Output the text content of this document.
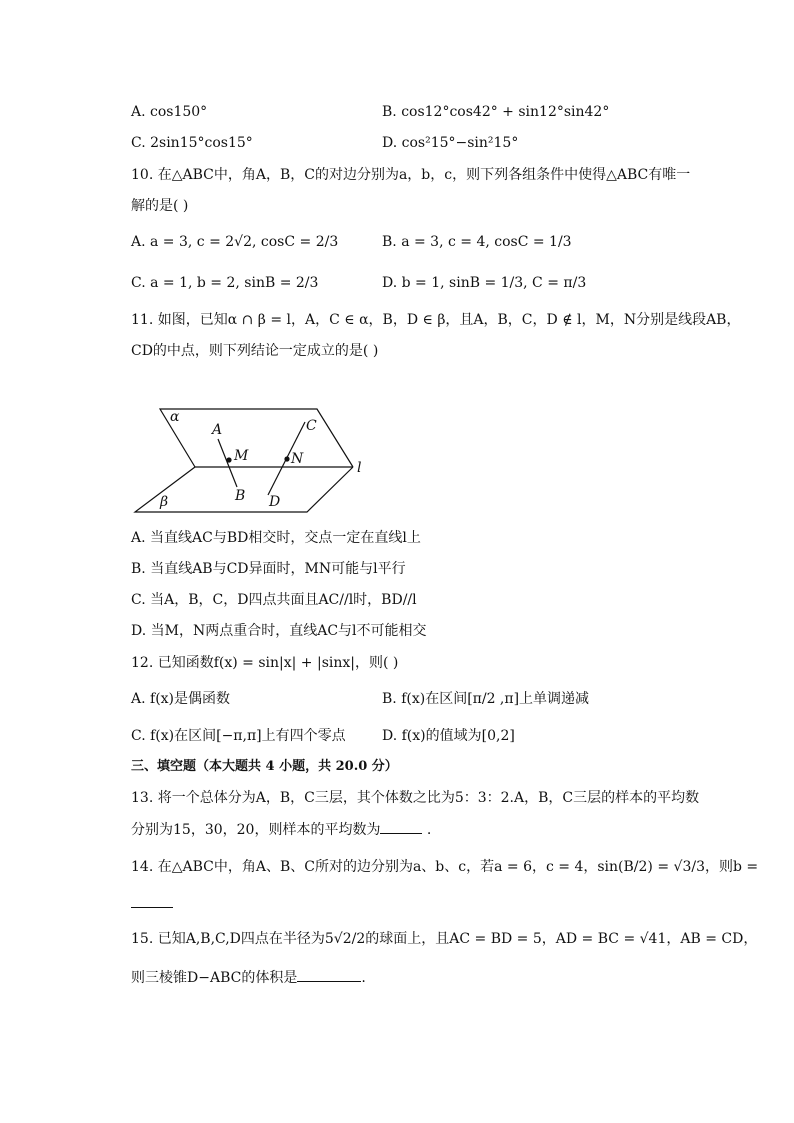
A. cos150°	B. cos12°cos42° + sin12°sin42°
C. 2sin15°cos15°	D. cos²15°−sin²15°
10. 在△ABC中，角A，B，C的对边分别为a，b，c，则下列各组条件中使得△ABC有唯一
解的是( )
A. a = 3, c = 2√2, cosC = 2/3	B. a = 3, c = 4, cosC = 1/3
C. a = 1, b = 2, sinB = 2/3	D. b = 1, sinB = 1/3, C = π/3
11. 如图，已知α ∩ β = l，A，C ∈ α，B，D ∈ β，且A，B，C，D ∉ l，M，N分别是线段AB，
CD的中点，则下列结论一定成立的是( )
α
β
l
A
B
C
D
M	N
A. 当直线AC与BD相交时，交点一定在直线l上
B. 当直线AB与CD异面时，MN可能与l平行
C. 当A，B，C，D四点共面且AC//l时，BD//l
D. 当M，N两点重合时，直线AC与l不可能相交
12. 已知函数f(x) = sin|x| + |sinx|，则( )
A. f(x)是偶函数	B. f(x)在区间[π/2 ,π]上单调递减
C. f(x)在区间[−π,π]上有四个零点	D. f(x)的值域为[0,2]
三、填空题（本大题共 4 小题，共 20.0 分）
13. 将一个总体分为A，B，C三层，其个体数之比为5：3：2.A，B，C三层的样本的平均数
分别为15，30，20，则样本的平均数为	.
14. 在△ABC中，角A、B、C所对的边分别为a、b、c，若a = 6，c = 4，sin(B/2) = √3/3，则b =
15. 已知A,B,C,D四点在半径为5√2/2的球面上，且AC = BD = 5，AD = BC = √41，AB = CD，
则三棱锥D−ABC的体积是	.
